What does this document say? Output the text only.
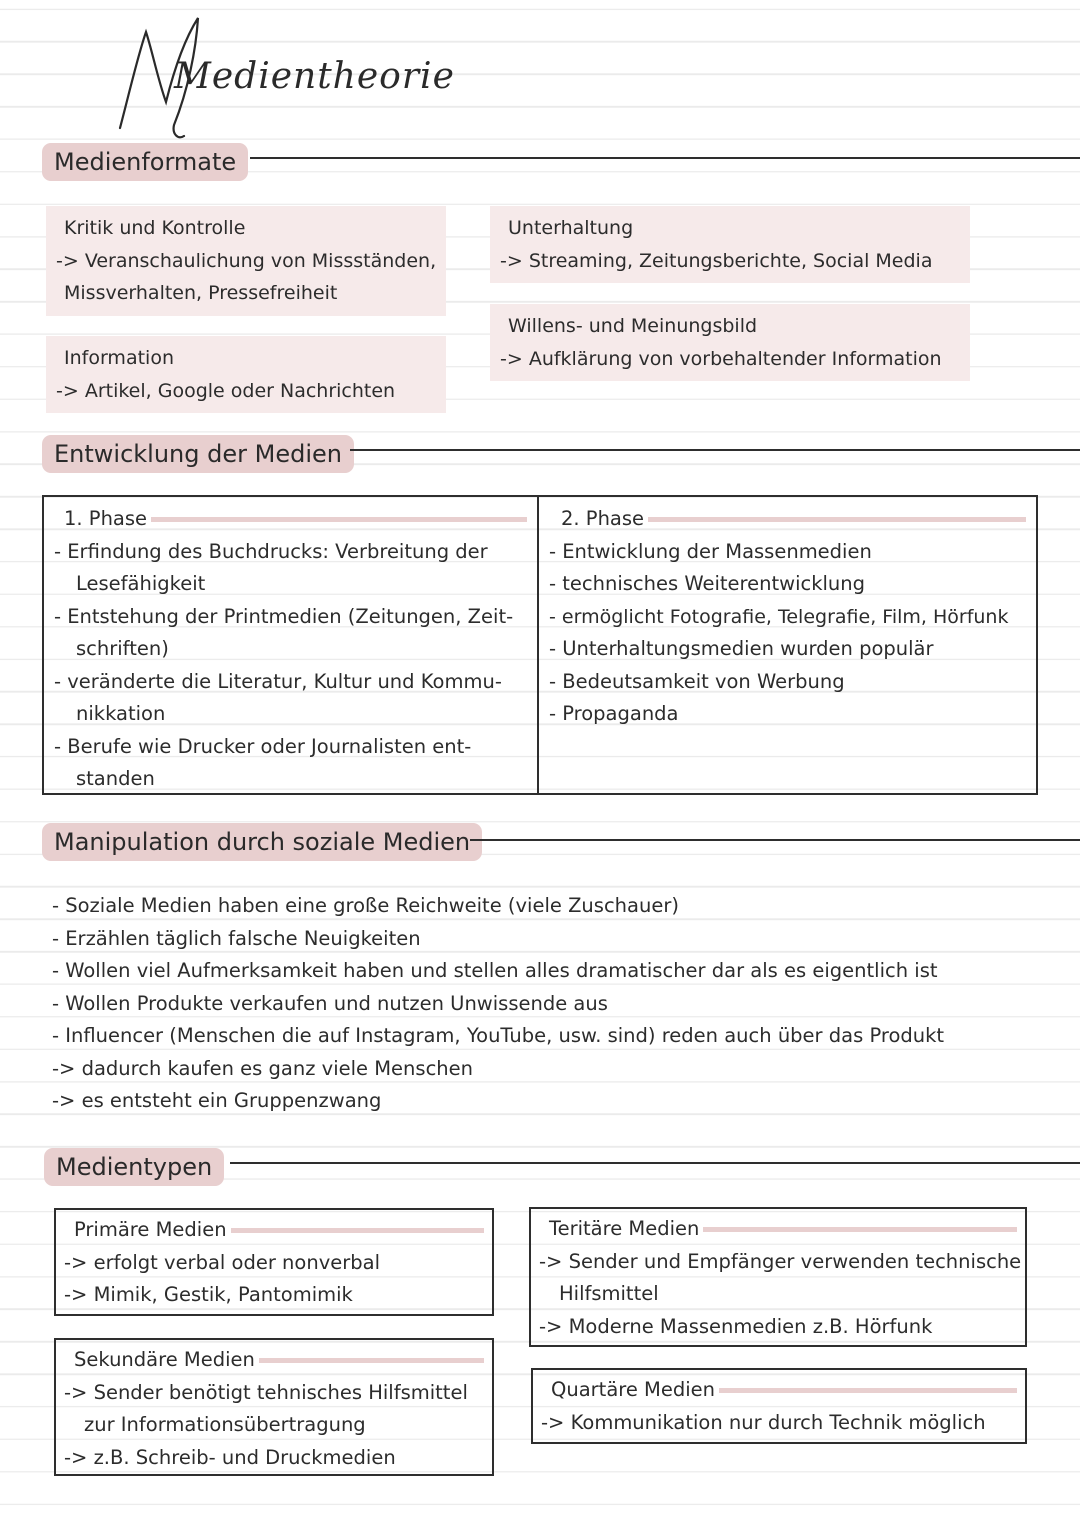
Medientheorie
Medienformate
Kritik und Kontrolle
-> Veranschaulichung von Missständen,
Missverhalten, Pressefreiheit
Information
-> Artikel, Google oder Nachrichten
Unterhaltung
-> Streaming, Zeitungsberichte, Social Media
Willens- und Meinungsbild
-> Aufklärung von vorbehaltender Information
Entwicklung der Medien
1. Phase
- Erfindung des Buchdrucks: Verbreitung der
Lesefähigkeit
- Entstehung der Printmedien (Zeitungen, Zeit-
schriften)
- veränderte die Literatur, Kultur und Kommu-
nikkation
- Berufe wie Drucker oder Journalisten ent-
standen
2. Phase
- Entwicklung der Massenmedien
- technisches Weiterentwicklung
- ermöglicht Fotografie, Telegrafie, Film, Hörfunk
- Unterhaltungsmedien wurden populär
- Bedeutsamkeit von Werbung
- Propaganda
Manipulation durch soziale Medien
- Soziale Medien haben eine große Reichweite (viele Zuschauer)
- Erzählen täglich falsche Neuigkeiten
- Wollen viel Aufmerksamkeit haben und stellen alles dramatischer dar als es eigentlich ist
- Wollen Produkte verkaufen und nutzen Unwissende aus
- Influencer (Menschen die auf Instagram, YouTube, usw. sind) reden auch über das Produkt
-> dadurch kaufen es ganz viele Menschen
-> es entsteht ein Gruppenzwang
Medientypen
Primäre Medien
-> erfolgt verbal oder nonverbal
-> Mimik, Gestik, Pantomimik
Sekundäre Medien
-> Sender benötigt tehnisches Hilfsmittel
zur Informationsübertragung
-> z.B. Schreib- und Druckmedien
Teritäre Medien
-> Sender und Empfänger verwenden technische
Hilfsmittel
-> Moderne Massenmedien z.B. Hörfunk
Quartäre Medien
-> Kommunikation nur durch Technik möglich
